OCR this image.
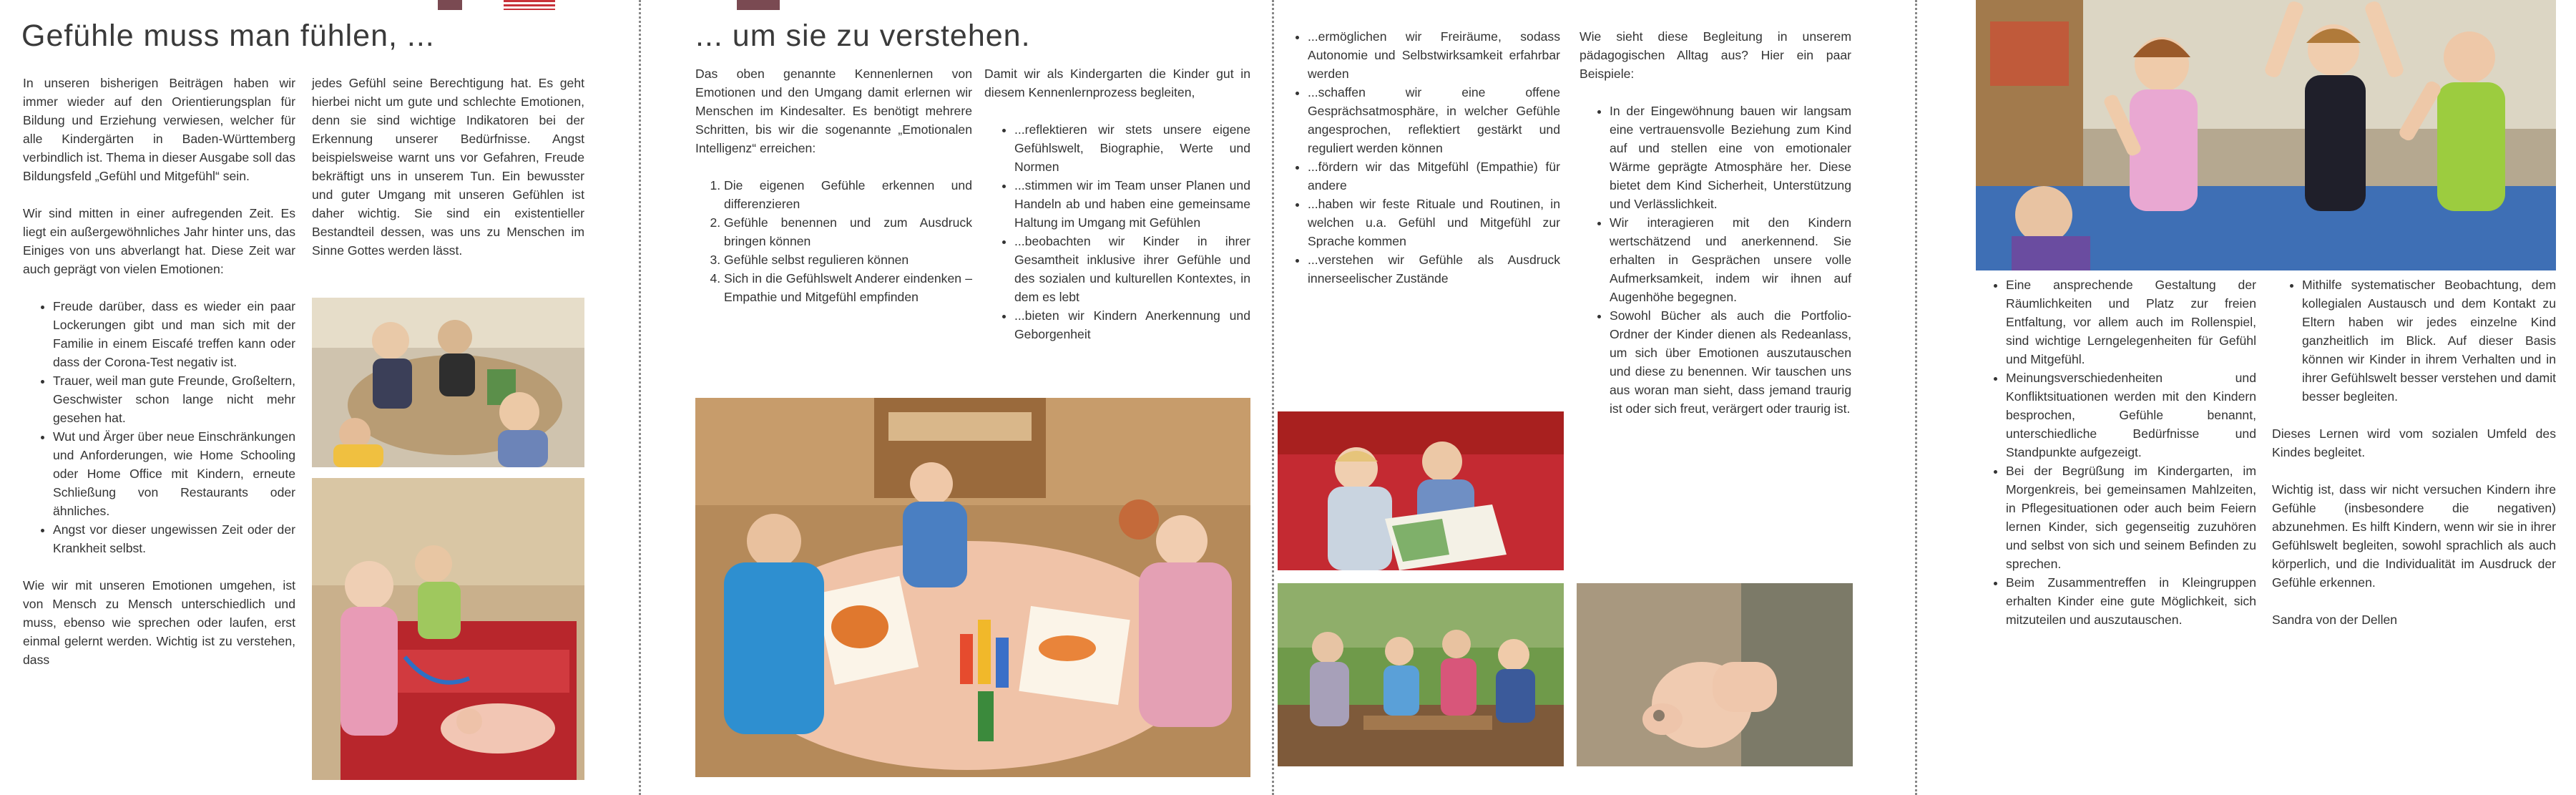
Gefühle muss man fühlen, ...

In unseren bisherigen Beiträgen haben wir immer wieder auf den Orientierungsplan für Bildung und Erziehung verwiesen, welcher für alle Kindergärten in Baden-Württemberg verbindlich ist. Thema in dieser Ausgabe soll das Bildungsfeld „Gefühl und Mitgefühl“ sein.

Wir sind mitten in einer aufregenden Zeit. Es liegt ein außergewöhnliches Jahr hinter uns, das Einiges von uns abverlangt hat. Diese Zeit war auch geprägt von vielen Emotionen:

• Freude darüber, dass es wieder ein paar Lockerungen gibt und man sich mit der Familie in einem Eiscafé treffen kann oder dass der Corona-Test negativ ist.
• Trauer, weil man gute Freunde, Großeltern, Geschwister schon lange nicht mehr gesehen hat.
• Wut und Ärger über neue Einschränkungen und Anforderungen, wie Home Schooling oder Home Office mit Kindern, erneute Schließung von Restaurants oder ähnliches.
• Angst vor dieser ungewissen Zeit oder der Krankheit selbst.

Wie wir mit unseren Emotionen umgehen, ist von Mensch zu Mensch unterschiedlich und muss, ebenso wie sprechen oder laufen, erst einmal gelernt werden. Wichtig ist zu verstehen, dass

jedes Gefühl seine Berechtigung hat. Es geht hierbei nicht um gute und schlechte Emotionen, denn sie sind wichtige Indikatoren bei der Erkennung unserer Bedürfnisse. Angst beispielsweise warnt uns vor Gefahren, Freude bekräftigt uns in unserem Tun. Ein bewusster und guter Umgang mit unseren Gefühlen ist daher wichtig. Sie sind ein existentieller Bestandteil dessen, was uns zu Menschen im Sinne Gottes werden lässt.

... um sie zu verstehen.

Das oben genannte Kennenlernen von Emotionen und den Umgang damit erlernen wir Menschen im Kindesalter. Es benötigt mehrere Schritten, bis wir die sogenannte „Emotionalen Intelligenz“ erreichen:

1. Die eigenen Gefühle erkennen und differenzieren
2. Gefühle benennen und zum Ausdruck bringen können
3. Gefühle selbst regulieren können
4. Sich in die Gefühlswelt Anderer eindenken – Empathie und Mitgefühl empfinden

Damit wir als Kindergarten die Kinder gut in diesem Kennenlernprozess begleiten,

• ...reflektieren wir stets unsere eigene Gefühlswelt, Biographie, Werte und Normen
• ...stimmen wir im Team unser Planen und Handeln ab und haben eine gemeinsame Haltung im Umgang mit Gefühlen
• ...beobachten wir Kinder in ihrer Gesamtheit inklusive ihrer Gefühle und des sozialen und kulturellen Kontextes, in dem es lebt
• ...bieten wir Kindern Anerkennung und Geborgenheit
• ...ermöglichen wir Freiräume, sodass Autonomie und Selbstwirksamkeit erfahrbar werden
• ...schaffen wir eine offene Gesprächsatmosphäre, in welcher Gefühle angesprochen, reflektiert gestärkt und reguliert werden können
• ...fördern wir das Mitgefühl (Empathie) für andere
• ...haben wir feste Rituale und Routinen, in welchen u.a. Gefühl und Mitgefühl zur Sprache kommen
• ...verstehen wir Gefühle als Ausdruck innerseelischer Zustände

Wie sieht diese Begleitung in unserem pädagogischen Alltag aus? Hier ein paar Beispiele:

• In der Eingewöhnung bauen wir langsam eine vertrauensvolle Beziehung zum Kind auf und stellen eine von emotionaler Wärme geprägte Atmosphäre her. Diese bietet dem Kind Sicherheit, Unterstützung und Verlässlichkeit.
• Wir interagieren mit den Kindern wertschätzend und anerkennend. Sie erhalten in Gesprächen unsere volle Aufmerksamkeit, indem wir ihnen auf Augenhöhe begegnen.
• Sowohl Bücher als auch die Portfolio-Ordner der Kinder dienen als Redeanlass, um sich über Emotionen auszutauschen und diese zu benennen. Wir tauschen uns aus woran man sieht, dass jemand traurig ist oder sich freut, verärgert oder traurig ist.
• Eine ansprechende Gestaltung der Räumlichkeiten und Platz zur freien Entfaltung, vor allem auch im Rollenspiel, sind wichtige Lerngelegenheiten für Gefühl und Mitgefühl.
• Meinungsverschiedenheiten und Konfliktsituationen werden mit den Kindern besprochen, Gefühle benannt, unterschiedliche Bedürfnisse und Standpunkte aufgezeigt.
• Bei der Begrüßung im Kindergarten, im Morgenkreis, bei gemeinsamen Mahlzeiten, in Pflegesituationen oder auch beim Feiern lernen Kinder, sich gegenseitig zuzuhören und selbst von sich und seinem Befinden zu sprechen.
• Beim Zusammentreffen in Kleingruppen erhalten Kinder eine gute Möglichkeit, sich mitzuteilen und auszutauschen.
• Mithilfe systematischer Beobachtung, dem kollegialen Austausch und dem Kontakt zu Eltern haben wir jedes einzelne Kind ganzheitlich im Blick. Auf dieser Basis können wir Kinder in ihrem Verhalten und in ihrer Gefühlswelt besser verstehen und damit besser begleiten.

Dieses Lernen wird vom sozialen Umfeld des Kindes begleitet.

Wichtig ist, dass wir nicht versuchen Kindern ihre Gefühle (insbesondere die negativen) abzunehmen. Es hilft Kindern, wenn wir sie in ihrer Gefühlswelt begleiten, sowohl sprachlich als auch körperlich, und die Individualität im Ausdruck der Gefühle erkennen.

Sandra von der Dellen
